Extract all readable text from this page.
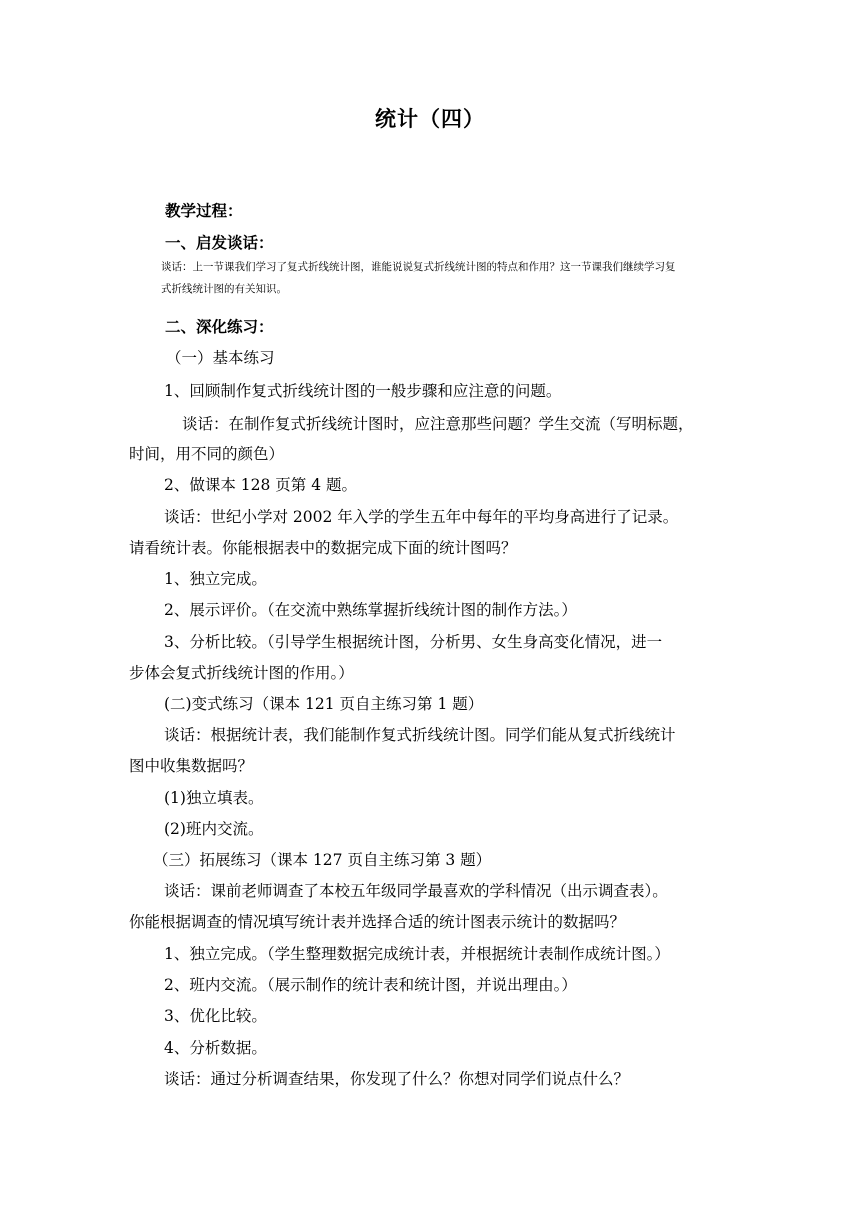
统计（四）
教学过程：
一、启发谈话：
谈话：上一节课我们学习了复式折线统计图，谁能说说复式折线统计图的特点和作用？这一节课我们继续学习复
式折线统计图的有关知识。
二、深化练习：
（一）基本练习
1、回顾制作复式折线统计图的一般步骤和应注意的问题。
谈话：在制作复式折线统计图时，应注意那些问题？学生交流（写明标题，
时间，用不同的颜色）
2、做课本 128 页第 4 题。
谈话：世纪小学对 2002 年入学的学生五年中每年的平均身高进行了记录。
请看统计表。你能根据表中的数据完成下面的统计图吗？
1、独立完成。
2、展示评价。（在交流中熟练掌握折线统计图的制作方法。）
3、分析比较。（引导学生根据统计图，分析男、女生身高变化情况，进一
步体会复式折线统计图的作用。）
(二)变式练习（课本 121 页自主练习第 1 题）
谈话：根据统计表，我们能制作复式折线统计图。同学们能从复式折线统计
图中收集数据吗？
(1)独立填表。
(2)班内交流。
（三）拓展练习（课本 127 页自主练习第 3 题）
谈话：课前老师调查了本校五年级同学最喜欢的学科情况（出示调查表）。
你能根据调查的情况填写统计表并选择合适的统计图表示统计的数据吗？
1、独立完成。（学生整理数据完成统计表，并根据统计表制作成统计图。）
2、班内交流。（展示制作的统计表和统计图，并说出理由。）
3、优化比较。
4、分析数据。
谈话：通过分析调查结果，你发现了什么？你想对同学们说点什么？
